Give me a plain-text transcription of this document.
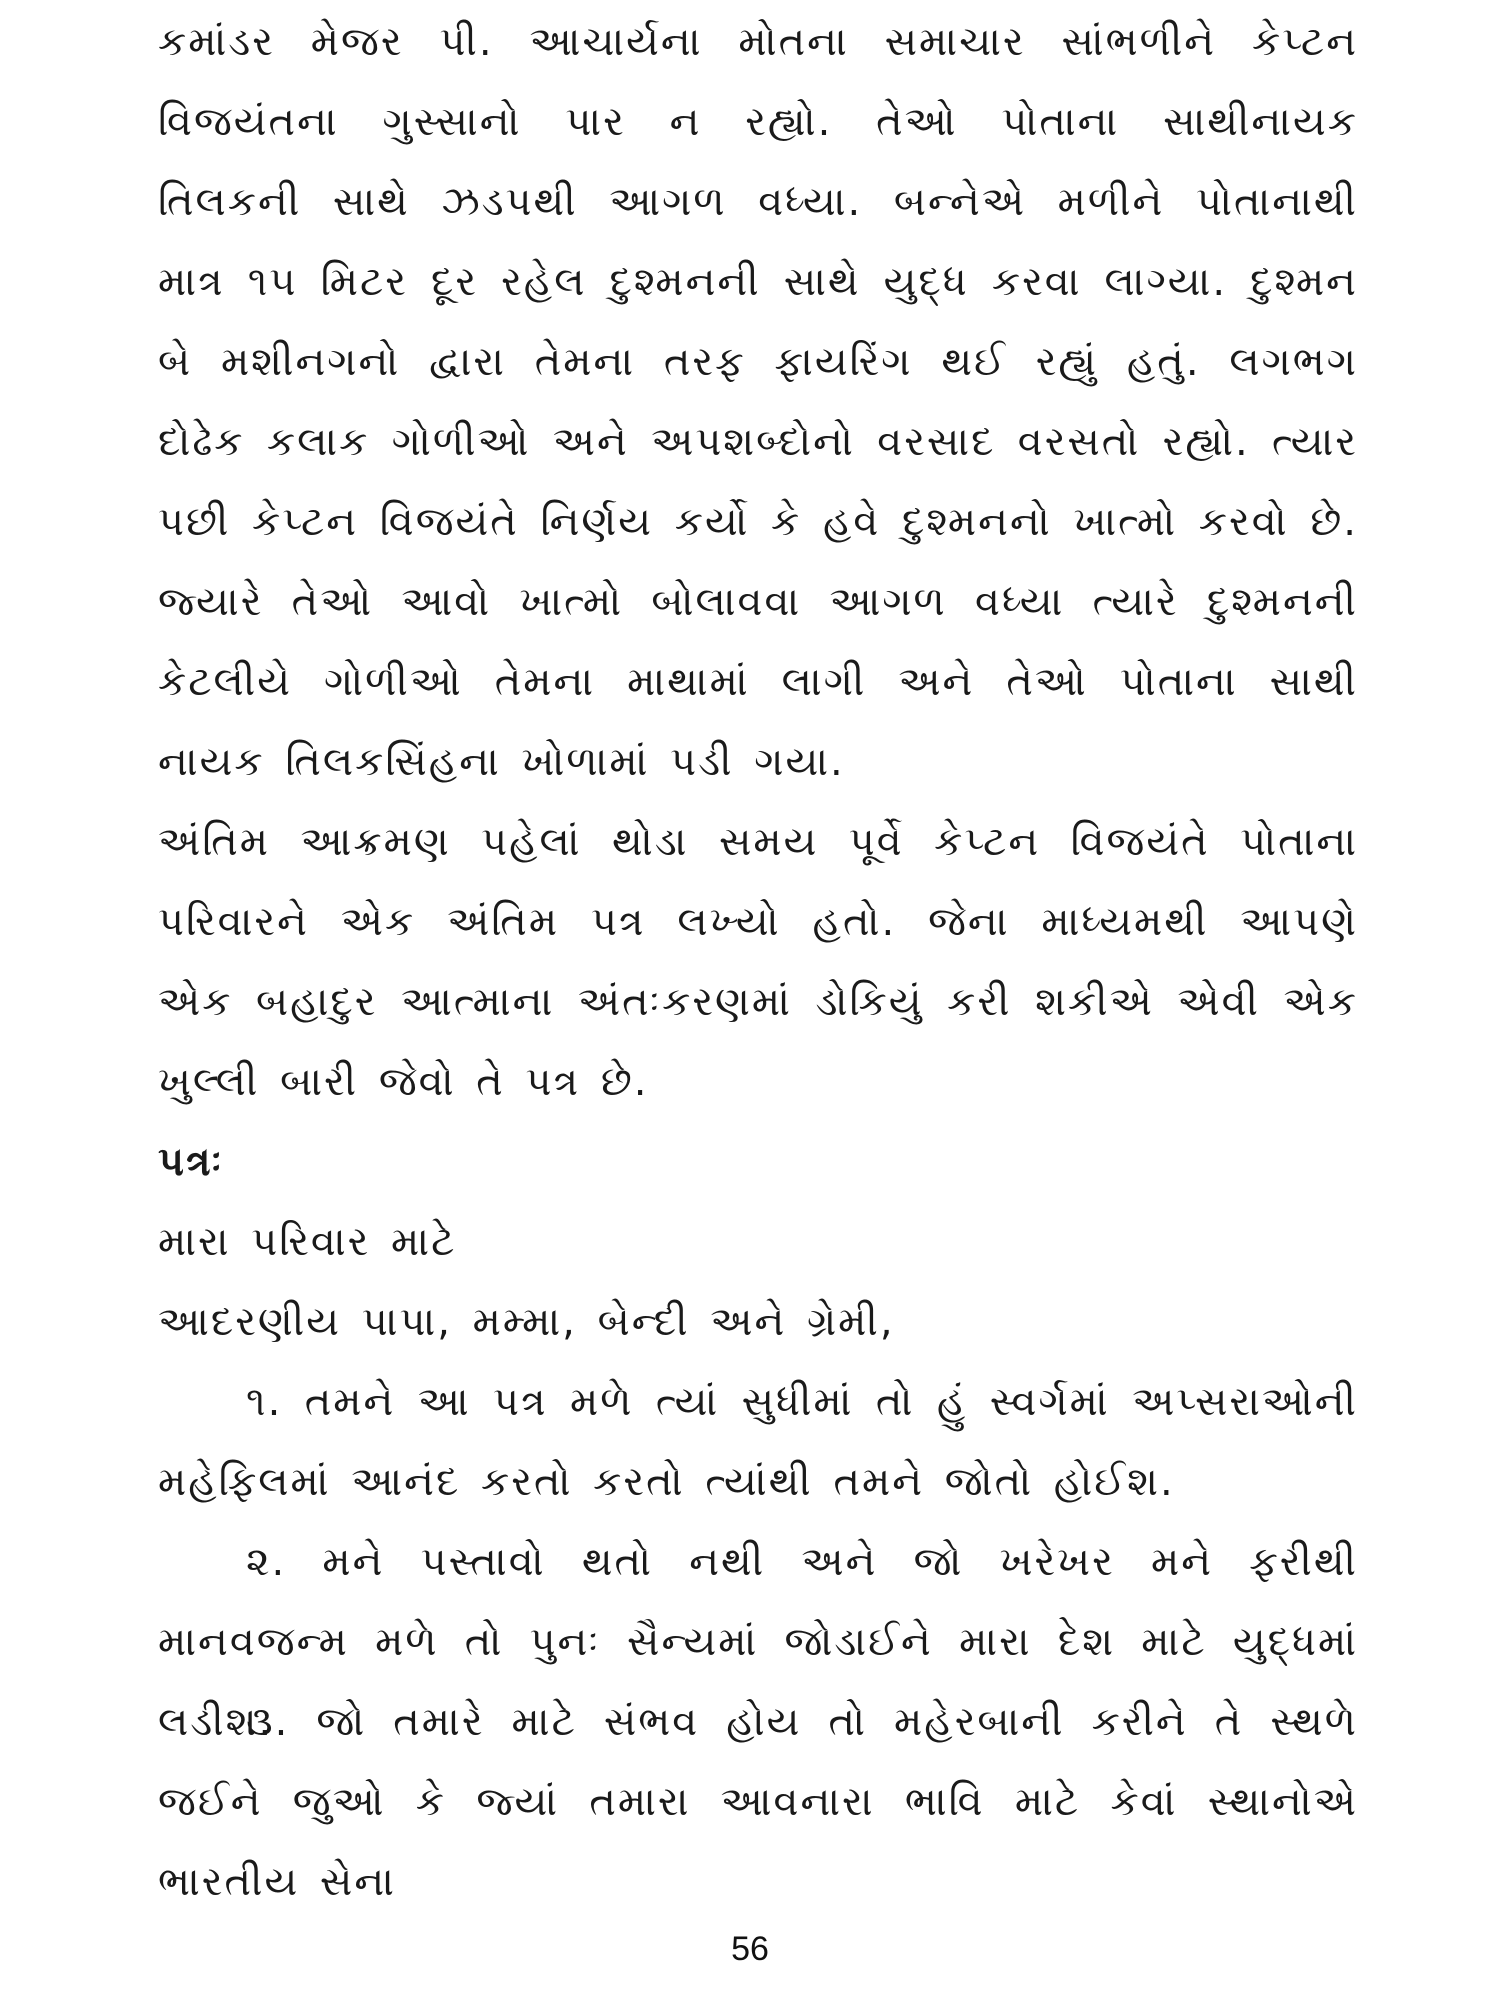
કમાંડર મેજર પી. આચાર્યના મોતના સમાચાર સાંભળીને કેપ્ટન વિજયંતના ગુસ્સાનો પાર ન રહ્યો. તેઓ પોતાના સાથીનાયક તિલકની સાથે ઝડપથી આગળ વધ્યા. બન્નેએ મળીને પોતાનાથી માત્ર ૧૫ મિટર દૂર રહેલ દુશ્મનની સાથે યુદ્ધ કરવા લાગ્યા. દુશ્મન બે મશીનગનો દ્વારા તેમના તરફ ફાયરિંગ થઈ રહ્યું હતું. લગભગ દોઢેક કલાક ગોળીઓ અને અપશબ્દોનો વરસાદ વરસતો રહ્યો. ત્યાર પછી કેપ્ટન વિજયંતે નિર્ણય કર્યો કે હવે દુશ્મનનો ખાત્મો કરવો છે. જ્યારે તેઓ આવો ખાત્મો બોલાવવા આગળ વધ્યા ત્યારે દુશ્મનની કેટલીયે ગોળીઓ તેમના માથામાં લાગી અને તેઓ પોતાના સાથી નાયક તિલકસિંહના ખોળામાં પડી ગયા.

અંતિમ આક્રમણ પહેલાં થોડા સમય પૂર્વે કેપ્ટન વિજયંતે પોતાના પરિવારને એક અંતિમ પત્ર લખ્યો હતો. જેના માધ્યમથી આપણે એક બહાદુર આત્માના અંતઃકરણમાં ડોકિયું કરી શકીએ એવી એક ખુલ્લી બારી જેવો તે પત્ર છે.

પત્રઃ

મારા પરિવાર માટે

આદરણીય પાપા, મમ્મા, બેન્દી અને ગ્રેમી,

૧. તમને આ પત્ર મળે ત્યાં સુધીમાં તો હું સ્વર્ગમાં અપ્સરાઓની મહેફિલમાં આનંદ કરતો કરતો ત્યાંથી તમને જોતો હોઈશ.

૨. મને પસ્તાવો થતો નથી અને જો ખરેખર મને ફરીથી માનવજન્મ મળે તો પુનઃ સૈન્યમાં જોડાઈને મારા દેશ માટે યુદ્ધમાં લડીશ.

૩. જો તમારે માટે સંભવ હોય તો મહેરબાની કરીને તે સ્થળે જઈને જુઓ કે જ્યાં તમારા આવનારા ભાવિ માટે કેવાં સ્થાનોએ ભારતીય સેના

56
